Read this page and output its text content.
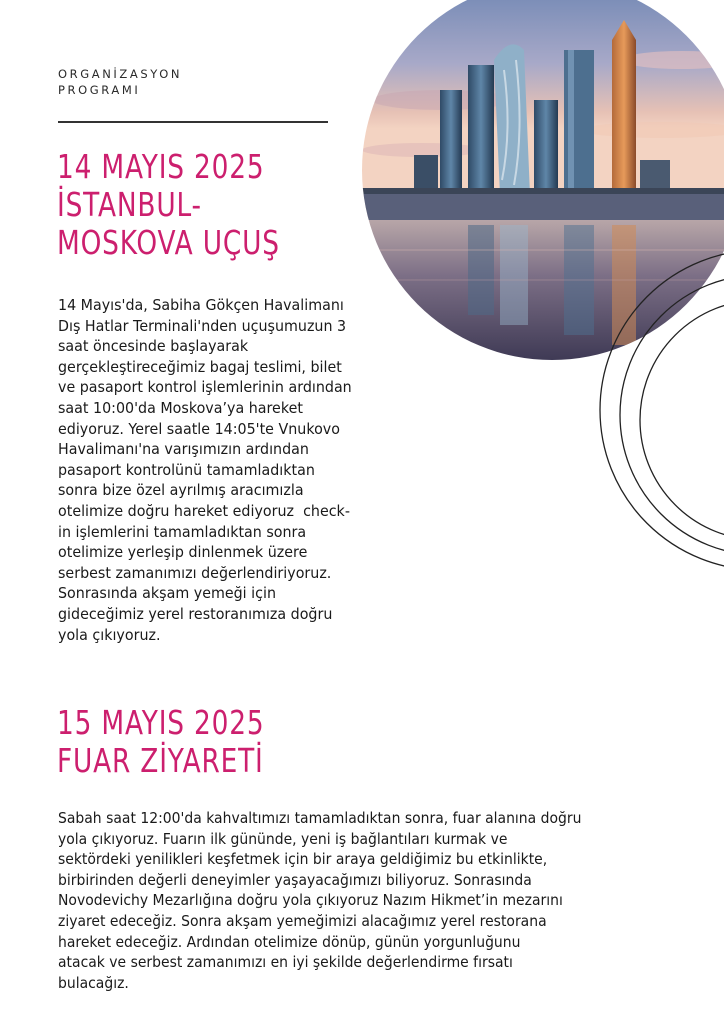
ORGANİZASYON
PROGRAMI
14 MAYIS 2025
İSTANBUL-
MOSKOVA UÇUŞ
14 Mayıs'da, Sabiha Gökçen Havalimanı
Dış Hatlar Terminali'nden uçuşumuzun 3
saat öncesinde başlayarak
gerçekleştireceğimiz bagaj teslimi, bilet
ve pasaport kontrol işlemlerinin ardından
saat 10:00'da Moskova’ya hareket
ediyoruz. Yerel saatle 14:05'te Vnukovo
Havalimanı'na varışımızın ardından
pasaport kontrolünü tamamladıktan
sonra bize özel ayrılmış aracımızla
otelimize doğru hareket ediyoruz  check-
in işlemlerini tamamladıktan sonra
otelimize yerleşip dinlenmek üzere
serbest zamanımızı değerlendiriyoruz.
Sonrasında akşam yemeği için
gideceğimiz yerel restoranımıza doğru
yola çıkıyoruz.
15 MAYIS 2025
FUAR ZİYARETİ
Sabah saat 12:00'da kahvaltımızı tamamladıktan sonra, fuar alanına doğru
yola çıkıyoruz. Fuarın ilk gününde, yeni iş bağlantıları kurmak ve
sektördeki yenilikleri keşfetmek için bir araya geldiğimiz bu etkinlikte,
birbirinden değerli deneyimler yaşayacağımızı biliyoruz. Sonrasında
Novodevichy Mezarlığına doğru yola çıkıyoruz Nazım Hikmet’in mezarını
ziyaret edeceğiz. Sonra akşam yemeğimizi alacağımız yerel restorana
hareket edeceğiz. Ardından otelimize dönüp, günün yorgunluğunu
atacak ve serbest zamanımızı en iyi şekilde değerlendirme fırsatı
bulacağız.
